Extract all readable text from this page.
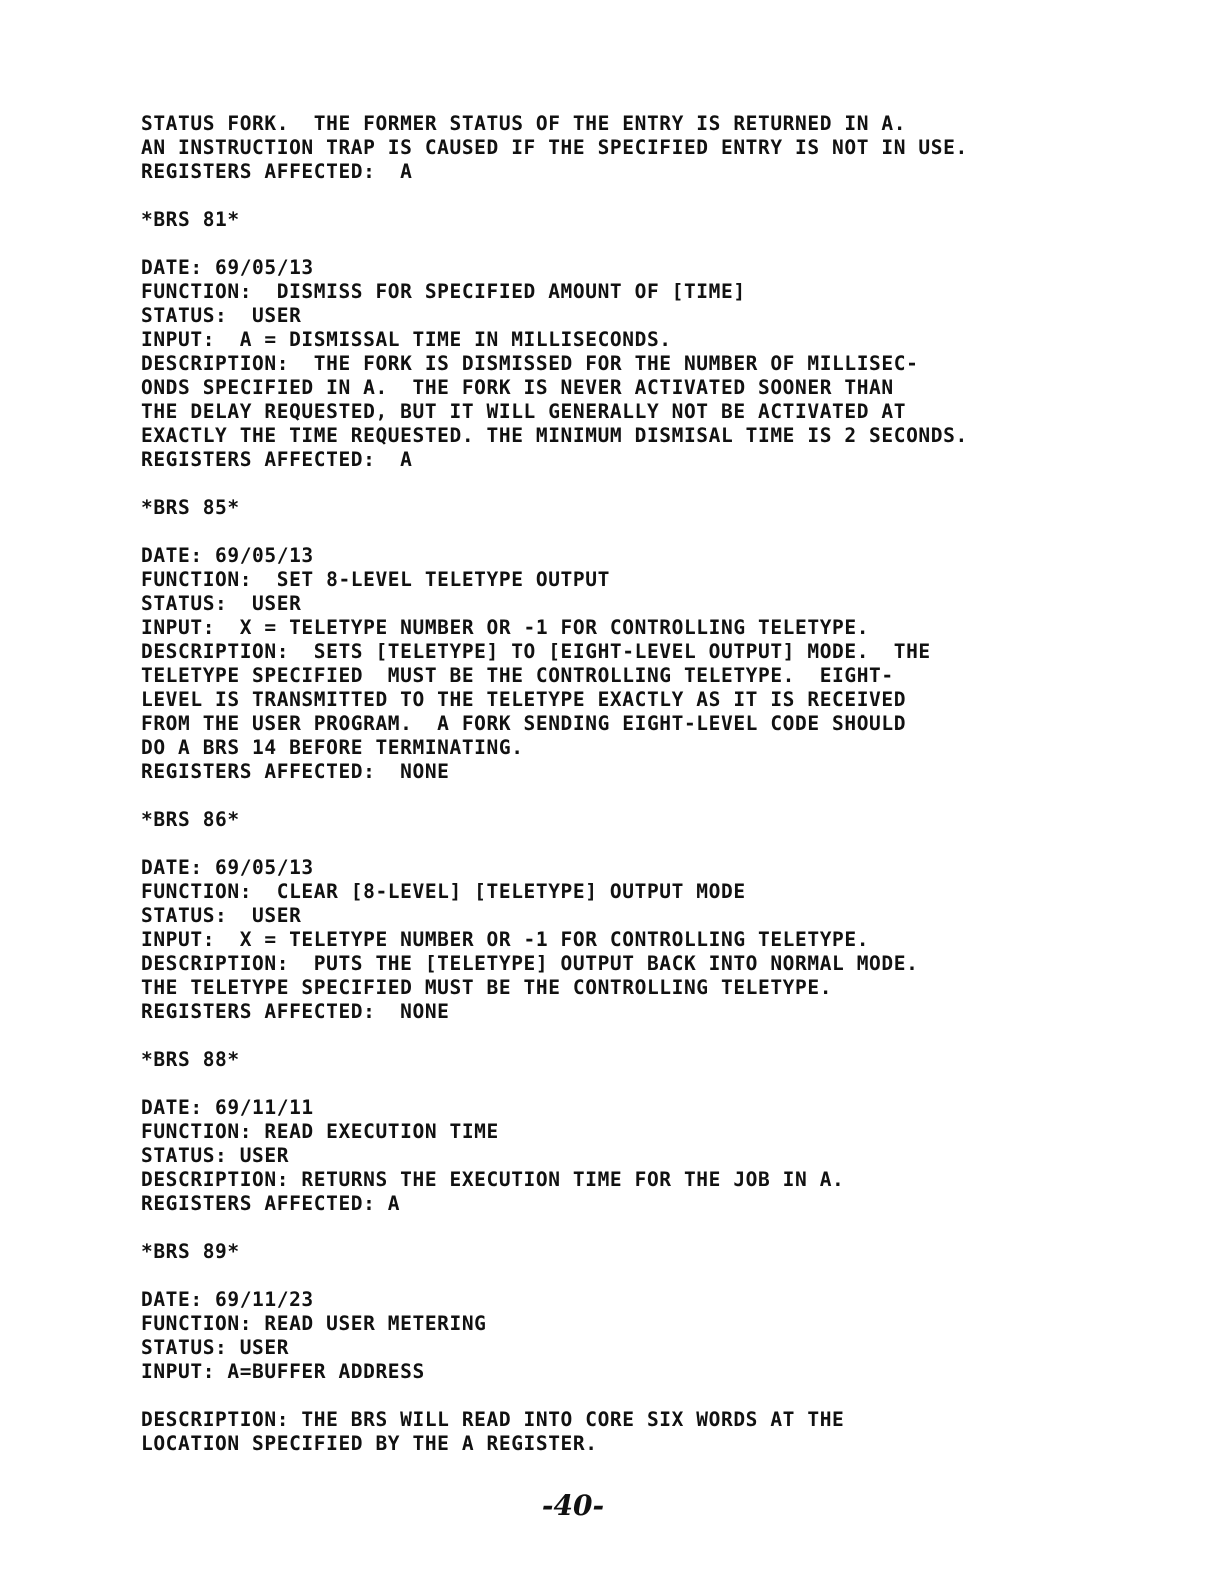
STATUS FORK.  THE FORMER STATUS OF THE ENTRY IS RETURNED IN A.
AN INSTRUCTION TRAP IS CAUSED IF THE SPECIFIED ENTRY IS NOT IN USE.
REGISTERS AFFECTED:  A
*BRS 81*
DATE: 69/05/13
FUNCTION:  DISMISS FOR SPECIFIED AMOUNT OF [TIME]
STATUS:  USER
INPUT:  A = DISMISSAL TIME IN MILLISECONDS.
DESCRIPTION:  THE FORK IS DISMISSED FOR THE NUMBER OF MILLISEC-
ONDS SPECIFIED IN A.  THE FORK IS NEVER ACTIVATED SOONER THAN
THE DELAY REQUESTED, BUT IT WILL GENERALLY NOT BE ACTIVATED AT
EXACTLY THE TIME REQUESTED. THE MINIMUM DISMISAL TIME IS 2 SECONDS.
REGISTERS AFFECTED:  A
*BRS 85*
DATE: 69/05/13
FUNCTION:  SET 8-LEVEL TELETYPE OUTPUT
STATUS:  USER
INPUT:  X = TELETYPE NUMBER OR -1 FOR CONTROLLING TELETYPE.
DESCRIPTION:  SETS [TELETYPE] TO [EIGHT-LEVEL OUTPUT] MODE.  THE
TELETYPE SPECIFIED  MUST BE THE CONTROLLING TELETYPE.  EIGHT-
LEVEL IS TRANSMITTED TO THE TELETYPE EXACTLY AS IT IS RECEIVED
FROM THE USER PROGRAM.  A FORK SENDING EIGHT-LEVEL CODE SHOULD
DO A BRS 14 BEFORE TERMINATING.
REGISTERS AFFECTED:  NONE
*BRS 86*
DATE: 69/05/13
FUNCTION:  CLEAR [8-LEVEL] [TELETYPE] OUTPUT MODE
STATUS:  USER
INPUT:  X = TELETYPE NUMBER OR -1 FOR CONTROLLING TELETYPE.
DESCRIPTION:  PUTS THE [TELETYPE] OUTPUT BACK INTO NORMAL MODE.
THE TELETYPE SPECIFIED MUST BE THE CONTROLLING TELETYPE.
REGISTERS AFFECTED:  NONE
*BRS 88*
DATE: 69/11/11
FUNCTION: READ EXECUTION TIME
STATUS: USER
DESCRIPTION: RETURNS THE EXECUTION TIME FOR THE JOB IN A.
REGISTERS AFFECTED: A
*BRS 89*
DATE: 69/11/23
FUNCTION: READ USER METERING
STATUS: USER
INPUT: A=BUFFER ADDRESS
DESCRIPTION: THE BRS WILL READ INTO CORE SIX WORDS AT THE
LOCATION SPECIFIED BY THE A REGISTER.
-40-
